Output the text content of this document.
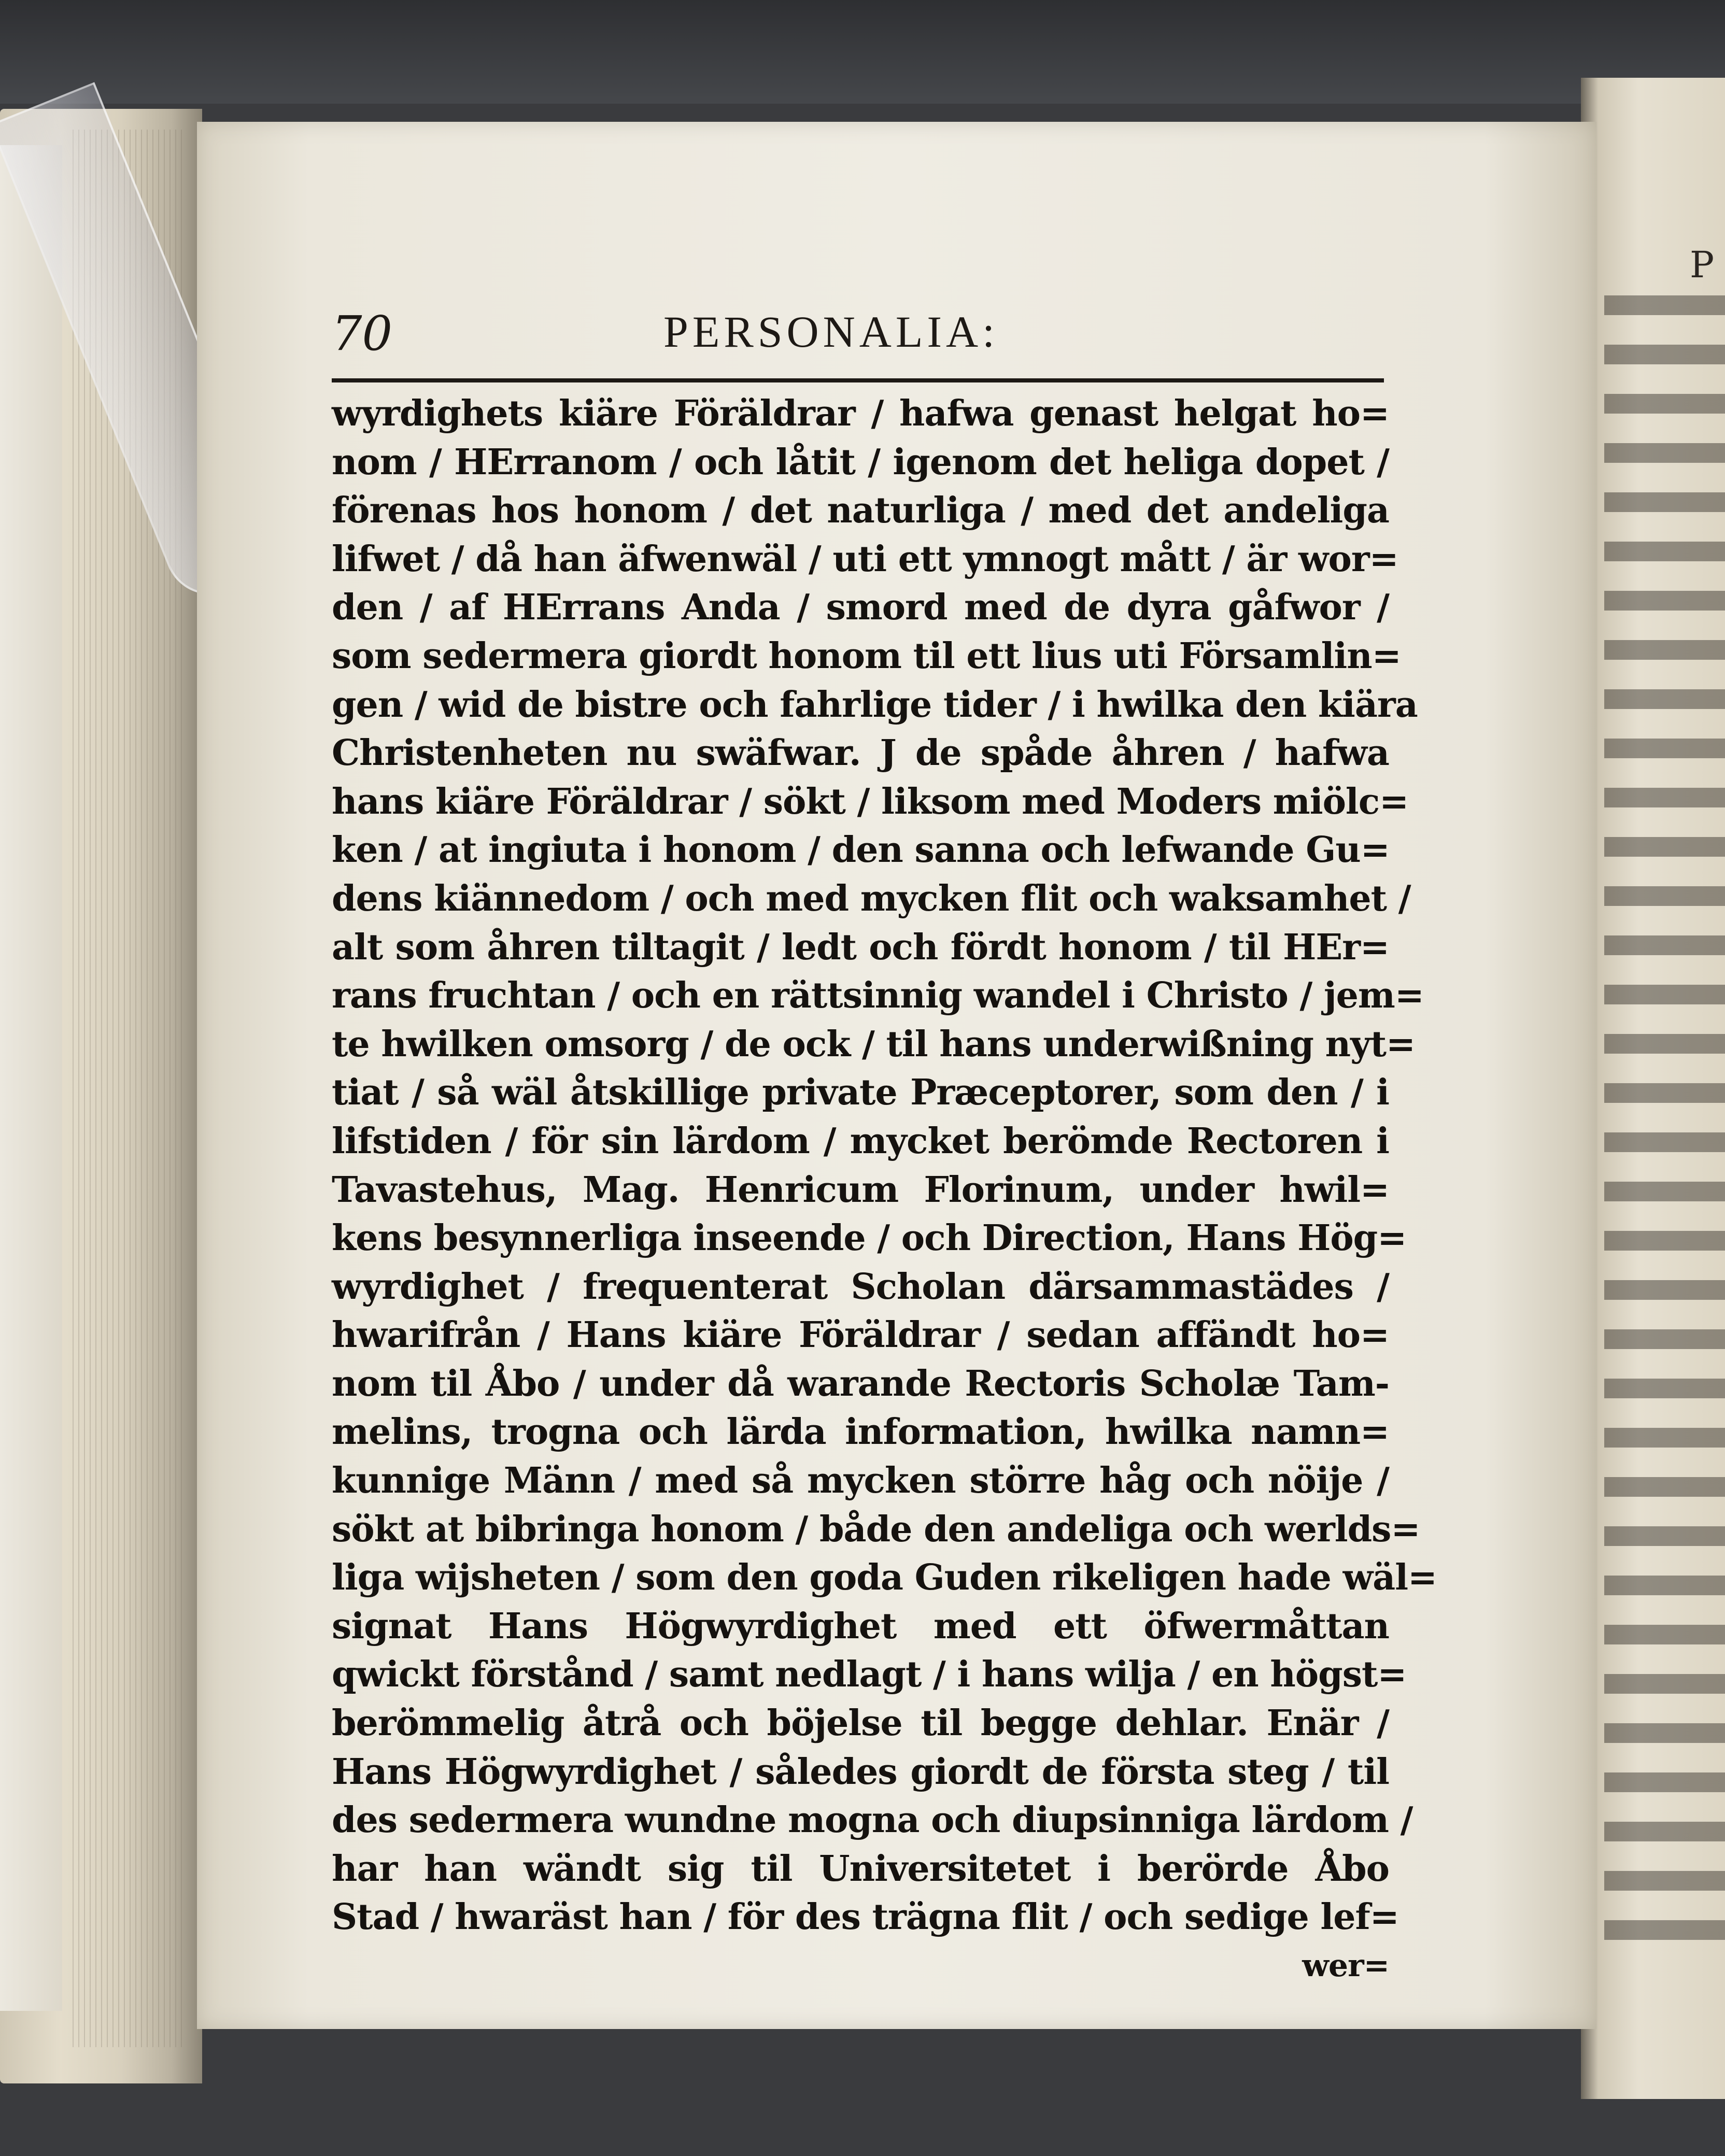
P
70	PERSONALIA:
wyrdighets kiäre Föräldrar / hafwa genast helgat ho=
nom / HErranom / och låtit / igenom det heliga dopet /
förenas hos honom / det naturliga / med det andeliga
lifwet / då han äfwenwäl / uti ett ymnogt mått / är wor=
den / af HErrans Anda / smord med de dyra gåfwor /
som sedermera giordt honom til ett lius uti Församlin=
gen / wid de bistre och fahrlige tider / i hwilka den kiära
Christenheten nu swäfwar. J de spåde åhren / hafwa
hans kiäre Föräldrar / sökt / liksom med Moders miölc=
ken / at ingiuta i honom / den sanna och lefwande Gu=
dens kiännedom / och med mycken flit och waksamhet /
alt som åhren tiltagit / ledt och fördt honom / til HEr=
rans fruchtan / och en rättsinnig wandel i Christo / jem=
te hwilken omsorg / de ock / til hans underwißning nyt=
tiat / så wäl åtskillige private Præceptorer, som den / i
lifstiden / för sin lärdom / mycket berömde Rectoren i
Tavastehus, Mag. Henricum Florinum, under hwil=
kens besynnerliga inseende / och Direction, Hans Hög=
wyrdighet / frequenterat Scholan därsammastädes /
hwarifrån / Hans kiäre Föräldrar / sedan affändt ho=
nom til Åbo / under då warande Rectoris Scholæ Tam-
melins, trogna och lärda information, hwilka namn=
kunnige Männ / med så mycken större håg och nöije /
sökt at bibringa honom / både den andeliga och werlds=
liga wijsheten / som den goda Guden rikeligen hade wäl=
signat Hans Högwyrdighet med ett öfwermåttan
qwickt förstånd / samt nedlagt / i hans wilja / en högst=
berömmelig åtrå och böjelse til begge dehlar. Enär /
Hans Högwyrdighet / således giordt de första steg / til
des sedermera wundne mogna och diupsinniga lärdom /
har han wändt sig til Universitetet i berörde Åbo
Stad / hwaräst han / för des trägna flit / och sedige lef=
wer=
